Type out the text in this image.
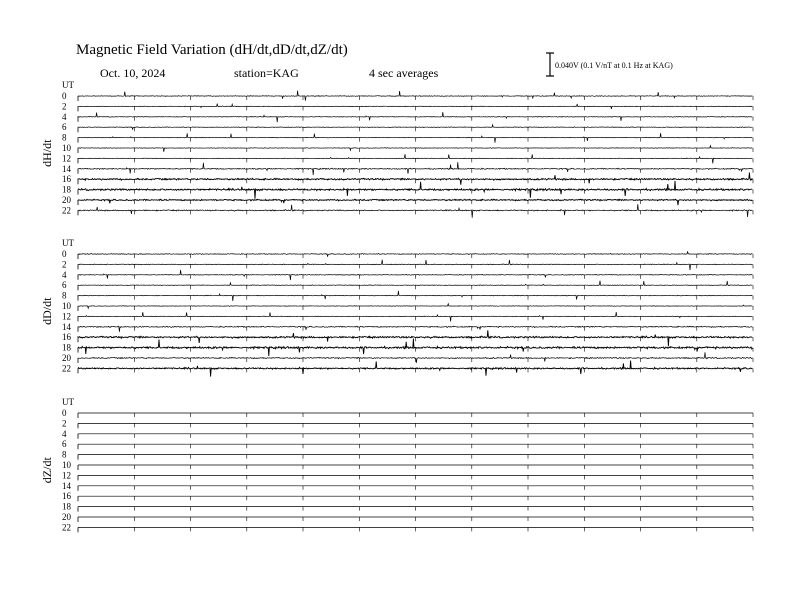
Magnetic Field Variation (dH/dt,dD/dt,dZ/dt)
Oct. 10, 2024	station=KAG	4 sec averages
0.040V (0.1 V/nT at 0.1 Hz at KAG)
UT
dH/dt
0
2
4
6
8
10
12
14
16
18
20
22
UT
dD/dt
0
2
4
6
8
10
12
14
16
18
20
22
UT
dZ/dt
0
2
4
6
8
10
12
14
16
18
20
22
